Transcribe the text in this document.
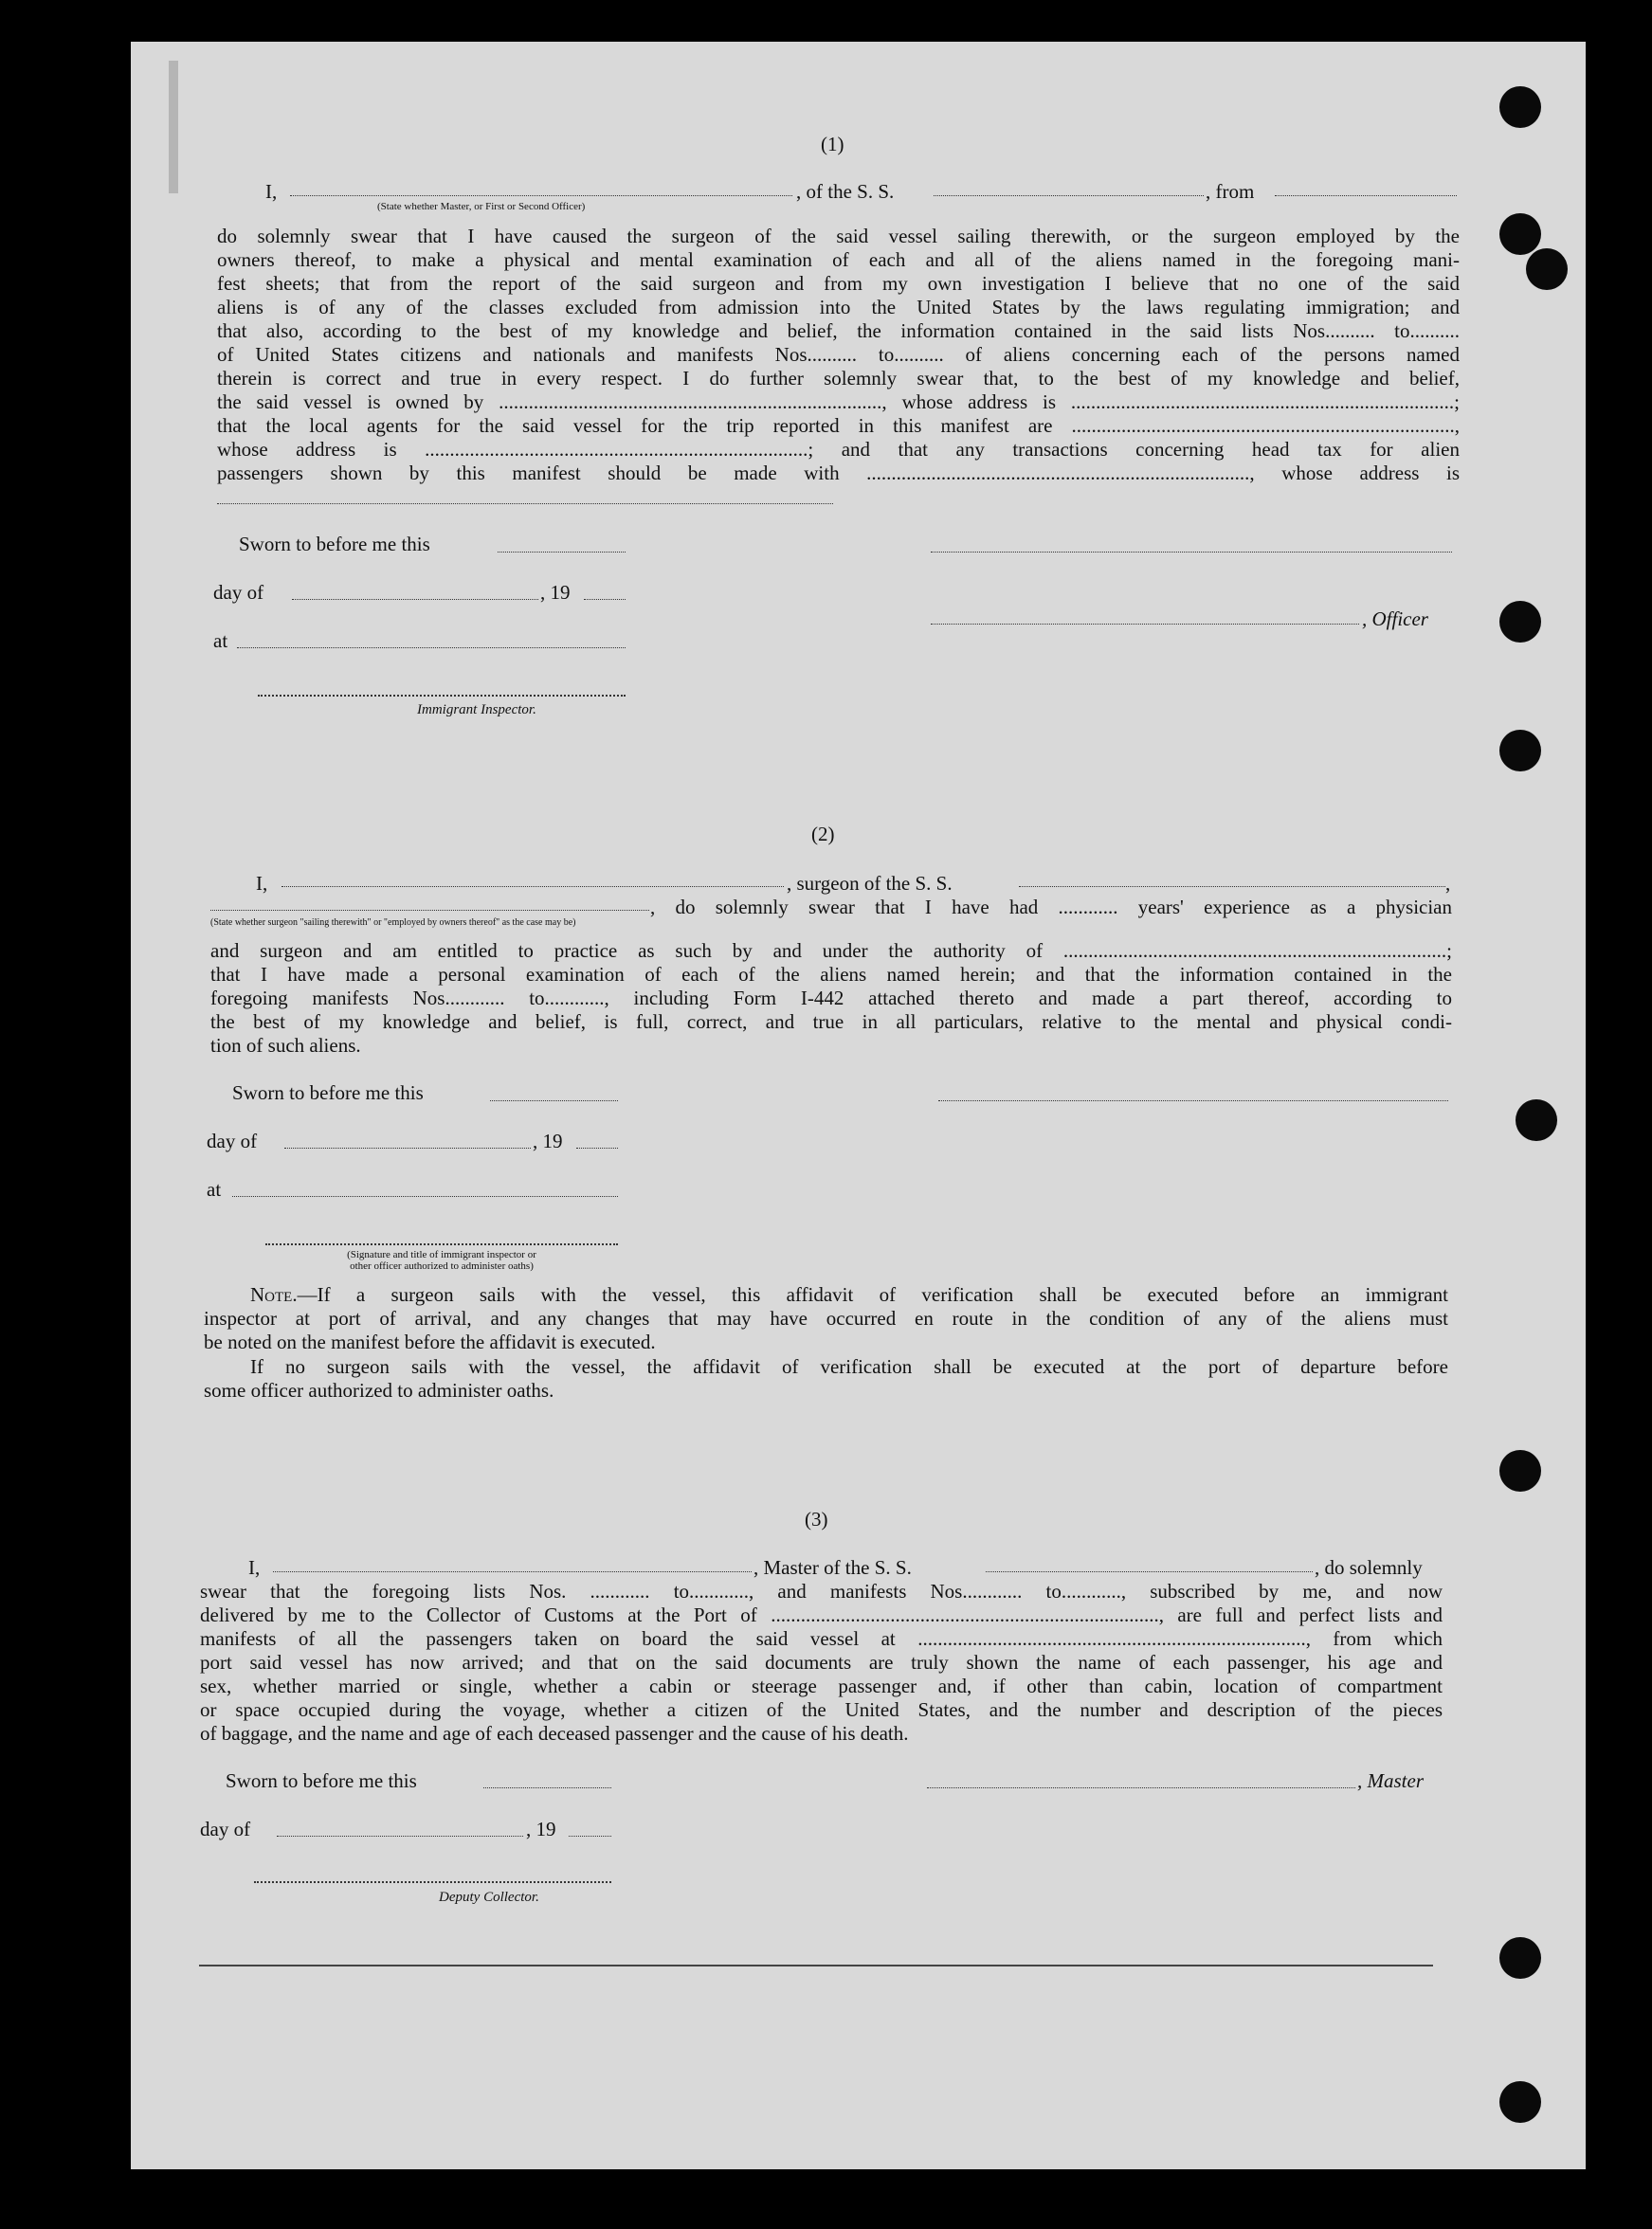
(1)
I,	, of the S. S.	, from
(State whether Master, or First or Second Officer)
do solemnly swear that I have caused the surgeon of the said vessel sailing therewith, or the surgeon employed by the
owners thereof, to make a physical and mental examination of each and all of the aliens named in the foregoing mani-
fest sheets; that from the report of the said surgeon and from my own investigation I believe that no one of the said
aliens is of any of the classes excluded from admission into the United States by the laws regulating immigration; and
that also, according to the best of my knowledge and belief, the information contained in the said lists Nos.......... to..........
of United States citizens and nationals and manifests Nos.......... to.......... of aliens concerning each of the persons named
therein is correct and true in every respect. I do further solemnly swear that, to the best of my knowledge and belief,
the said vessel is owned by ............................................................................., whose address is .............................................................................;
that the local agents for the said vessel for the trip reported in this manifest are .............................................................................,
whose address is .............................................................................; and that any transactions concerning head tax for alien
passengers shown by this manifest should be made with ............................................................................., whose address is
Sworn to before me this
day of	, 19
, Officer
at
Immigrant Inspector.
(2)
I,	, surgeon of the S. S.	,
, do solemnly swear that I have had ............ years' experience as a physician
(State whether surgeon "sailing therewith" or "employed by owners thereof" as the case may be)
and surgeon and am entitled to practice as such by and under the authority of .............................................................................;
that I have made a personal examination of each of the aliens named herein; and that the information contained in the
foregoing manifests Nos............ to............, including Form I-442 attached thereto and made a part thereof, according to
the best of my knowledge and belief, is full, correct, and true in all particulars, relative to the mental and physical condi-
tion of such aliens.
Sworn to before me this
day of	, 19
at
(Signature and title of immigrant inspector or
other officer authorized to administer oaths)
Note. —If a surgeon sails with the vessel, this affidavit of verification shall be executed before an immigrant
inspector at port of arrival, and any changes that may have occurred en route in the condition of any of the aliens must
be noted on the manifest before the affidavit is executed.
If no surgeon sails with the vessel, the affidavit of verification shall be executed at the port of departure before
some officer authorized to administer oaths.
(3)
I,	, Master of the S. S.	, do solemnly
swear that the foregoing lists Nos. ............ to............, and manifests Nos............ to............, subscribed by me, and now
delivered by me to the Collector of Customs at the Port of .............................................................................., are full and perfect lists and
manifests of all the passengers taken on board the said vessel at .............................................................................., from which
port said vessel has now arrived; and that on the said documents are truly shown the name of each passenger, his age and
sex, whether married or single, whether a cabin or steerage passenger and, if other than cabin, location of compartment
or space occupied during the voyage, whether a citizen of the United States, and the number and description of the pieces
of baggage, and the name and age of each deceased passenger and the cause of his death.
Sworn to before me this	, Master
day of	, 19
Deputy Collector.
